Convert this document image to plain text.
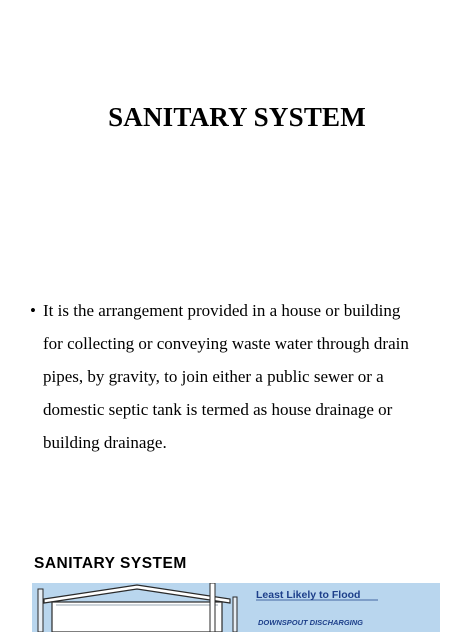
SANITARY SYSTEM
• It is the arrangement provided in a house or building
for collecting or conveying waste water through drain
pipes, by gravity, to join either a public sewer or a
domestic septic tank is termed as house drainage or
building drainage.
SANITARY SYSTEM
Least Likely to Flood
DOWNSPOUT DISCHARGING
